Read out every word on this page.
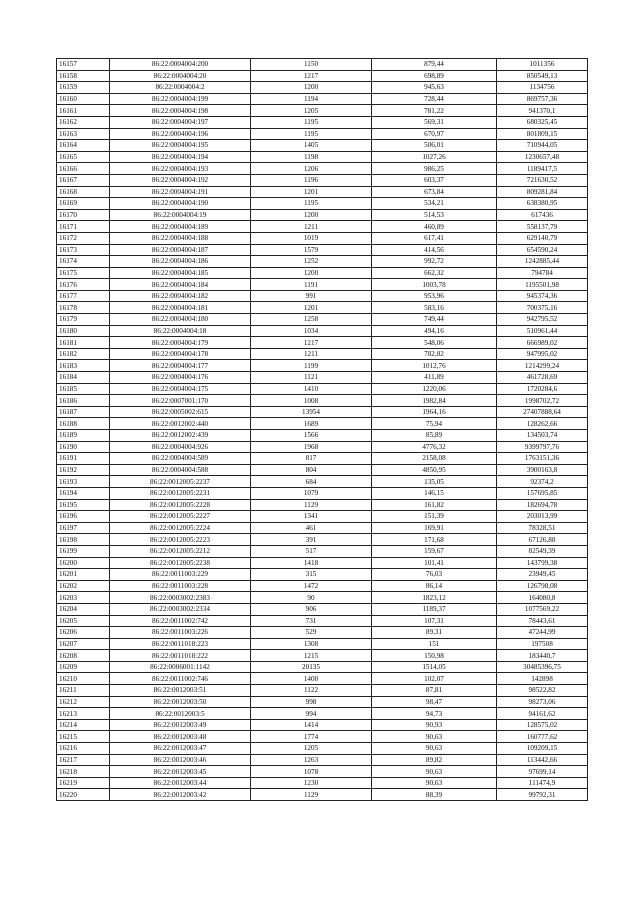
16157	86:22:0004004:200	1150	879,44	1011356
16158	86:22:0004004:20	1217	698,89	850549,13
16159	86:22:0004004:2	1200	945,63	1134756
16160	86:22:0004004:199	1194	728,44	869757,36
16161	86:22:0004004:198	1205	781,22	941370,1
16162	86:22:0004004:197	1195	569,31	680325,45
16163	86:22:0004004:196	1195	670,97	801809,15
16164	86:22:0004004:195	1405	506,01	710944,05
16165	86:22:0004004:194	1198	1027,26	1230657,48
16166	86:22:0004004:193	1206	986,25	1189417,5
16167	86:22:0004004:192	1196	603,37	721630,52
16168	86:22:0004004:191	1201	673,84	809281,84
16169	86:22:0004004:190	1195	534,21	638380,95
16170	86:22:0004004:19	1200	514,53	617436
16171	86:22:0004004:189	1211	460,89	558137,79
16172	86:22:0004004:188	1019	617,41	629140,79
16173	86:22:0004004:187	1579	414,56	654590,24
16174	86:22:0004004:186	1252	992,72	1242885,44
16175	86:22:0004004:185	1200	662,32	794784
16176	86:22:0004004:184	1191	1003,78	1195501,98
16177	86:22:0004004:182	991	953,96	945374,36
16178	86:22:0004004:181	1201	583,16	700375,16
16179	86:22:0004004:180	1258	749,44	942795,52
16180	86:22:0004004:18	1034	494,16	510961,44
16181	86:22:0004004:179	1217	548,06	666989,02
16182	86:22:0004004:178	1211	782,82	947995,02
16183	86:22:0004004:177	1199	1012,76	1214299,24
16184	86:22:0004004:176	1121	411,89	461728,69
16185	86:22:0004004:175	1410	1220,06	1720284,6
16186	86:22:0007001:170	1008	1982,84	1998702,72
16187	86:22:0005002:615	13954	1964,16	27407888,64
16188	86:22:0012002:440	1689	75,94	128262,66
16189	86:22:0012002:439	1566	85,89	134503,74
16190	86:22:0004004:926	1968	4776,32	9399797,76
16191	86:22:0004004:589	817	2158,08	1763151,36
16192	86:22:0004004:588	804	4850,95	3900163,8
16193	86:22:0012005:2237	684	135,05	92374,2
16194	86:22:0012005:2231	1079	146,15	157695,85
16195	86:22:0012005:2228	1129	161,82	182694,78
16196	86:22:0012005:2227	1341	151,39	203013,99
16197	86:22:0012005:2224	461	169,91	78328,51
16198	86:22:0012005:2223	391	171,68	67126,88
16199	86:22:0012005:2212	517	159,67	82549,39
16200	86:22:0012005:2238	1418	101,41	143799,38
16201	86:22:0011003:229	315	76,03	23949,45
16202	86:22:0011003:228	1472	86,14	126798,08
16203	86:22:0003002:2383	90	1823,12	164080,8
16204	86:22:0003002:2334	906	1189,37	1077569,22
16205	86:22:0011002:742	731	107,31	78443,61
16206	86:22:0011003:226	529	89,31	47244,99
16207	86:22:0011018:223	1308	151	197508
16208	86:22:0011018:222	1215	150,98	183440,7
16209	86:22:0006001:1142	20135	1514,05	30485396,75
16210	86:22:0011002:746	1400	102,07	142898
16211	86:22:0012003:51	1122	87,81	98522,82
16212	86:22:0012003:50	998	98,47	98273,06
16213	86:22:0012003:5	994	94,73	94161,62
16214	86:22:0012003:49	1414	90,93	128575,02
16215	86:22:0012003:48	1774	90,63	160777,62
16216	86:22:0012003:47	1205	90,63	109209,15
16217	86:22:0012003:46	1263	89,82	113442,66
16218	86:22:0012003:45	1078	90,63	97699,14
16219	86:22:0012003:44	1230	90,63	111474,9
16220	86:22:0012003:42	1129	88,39	99792,31
